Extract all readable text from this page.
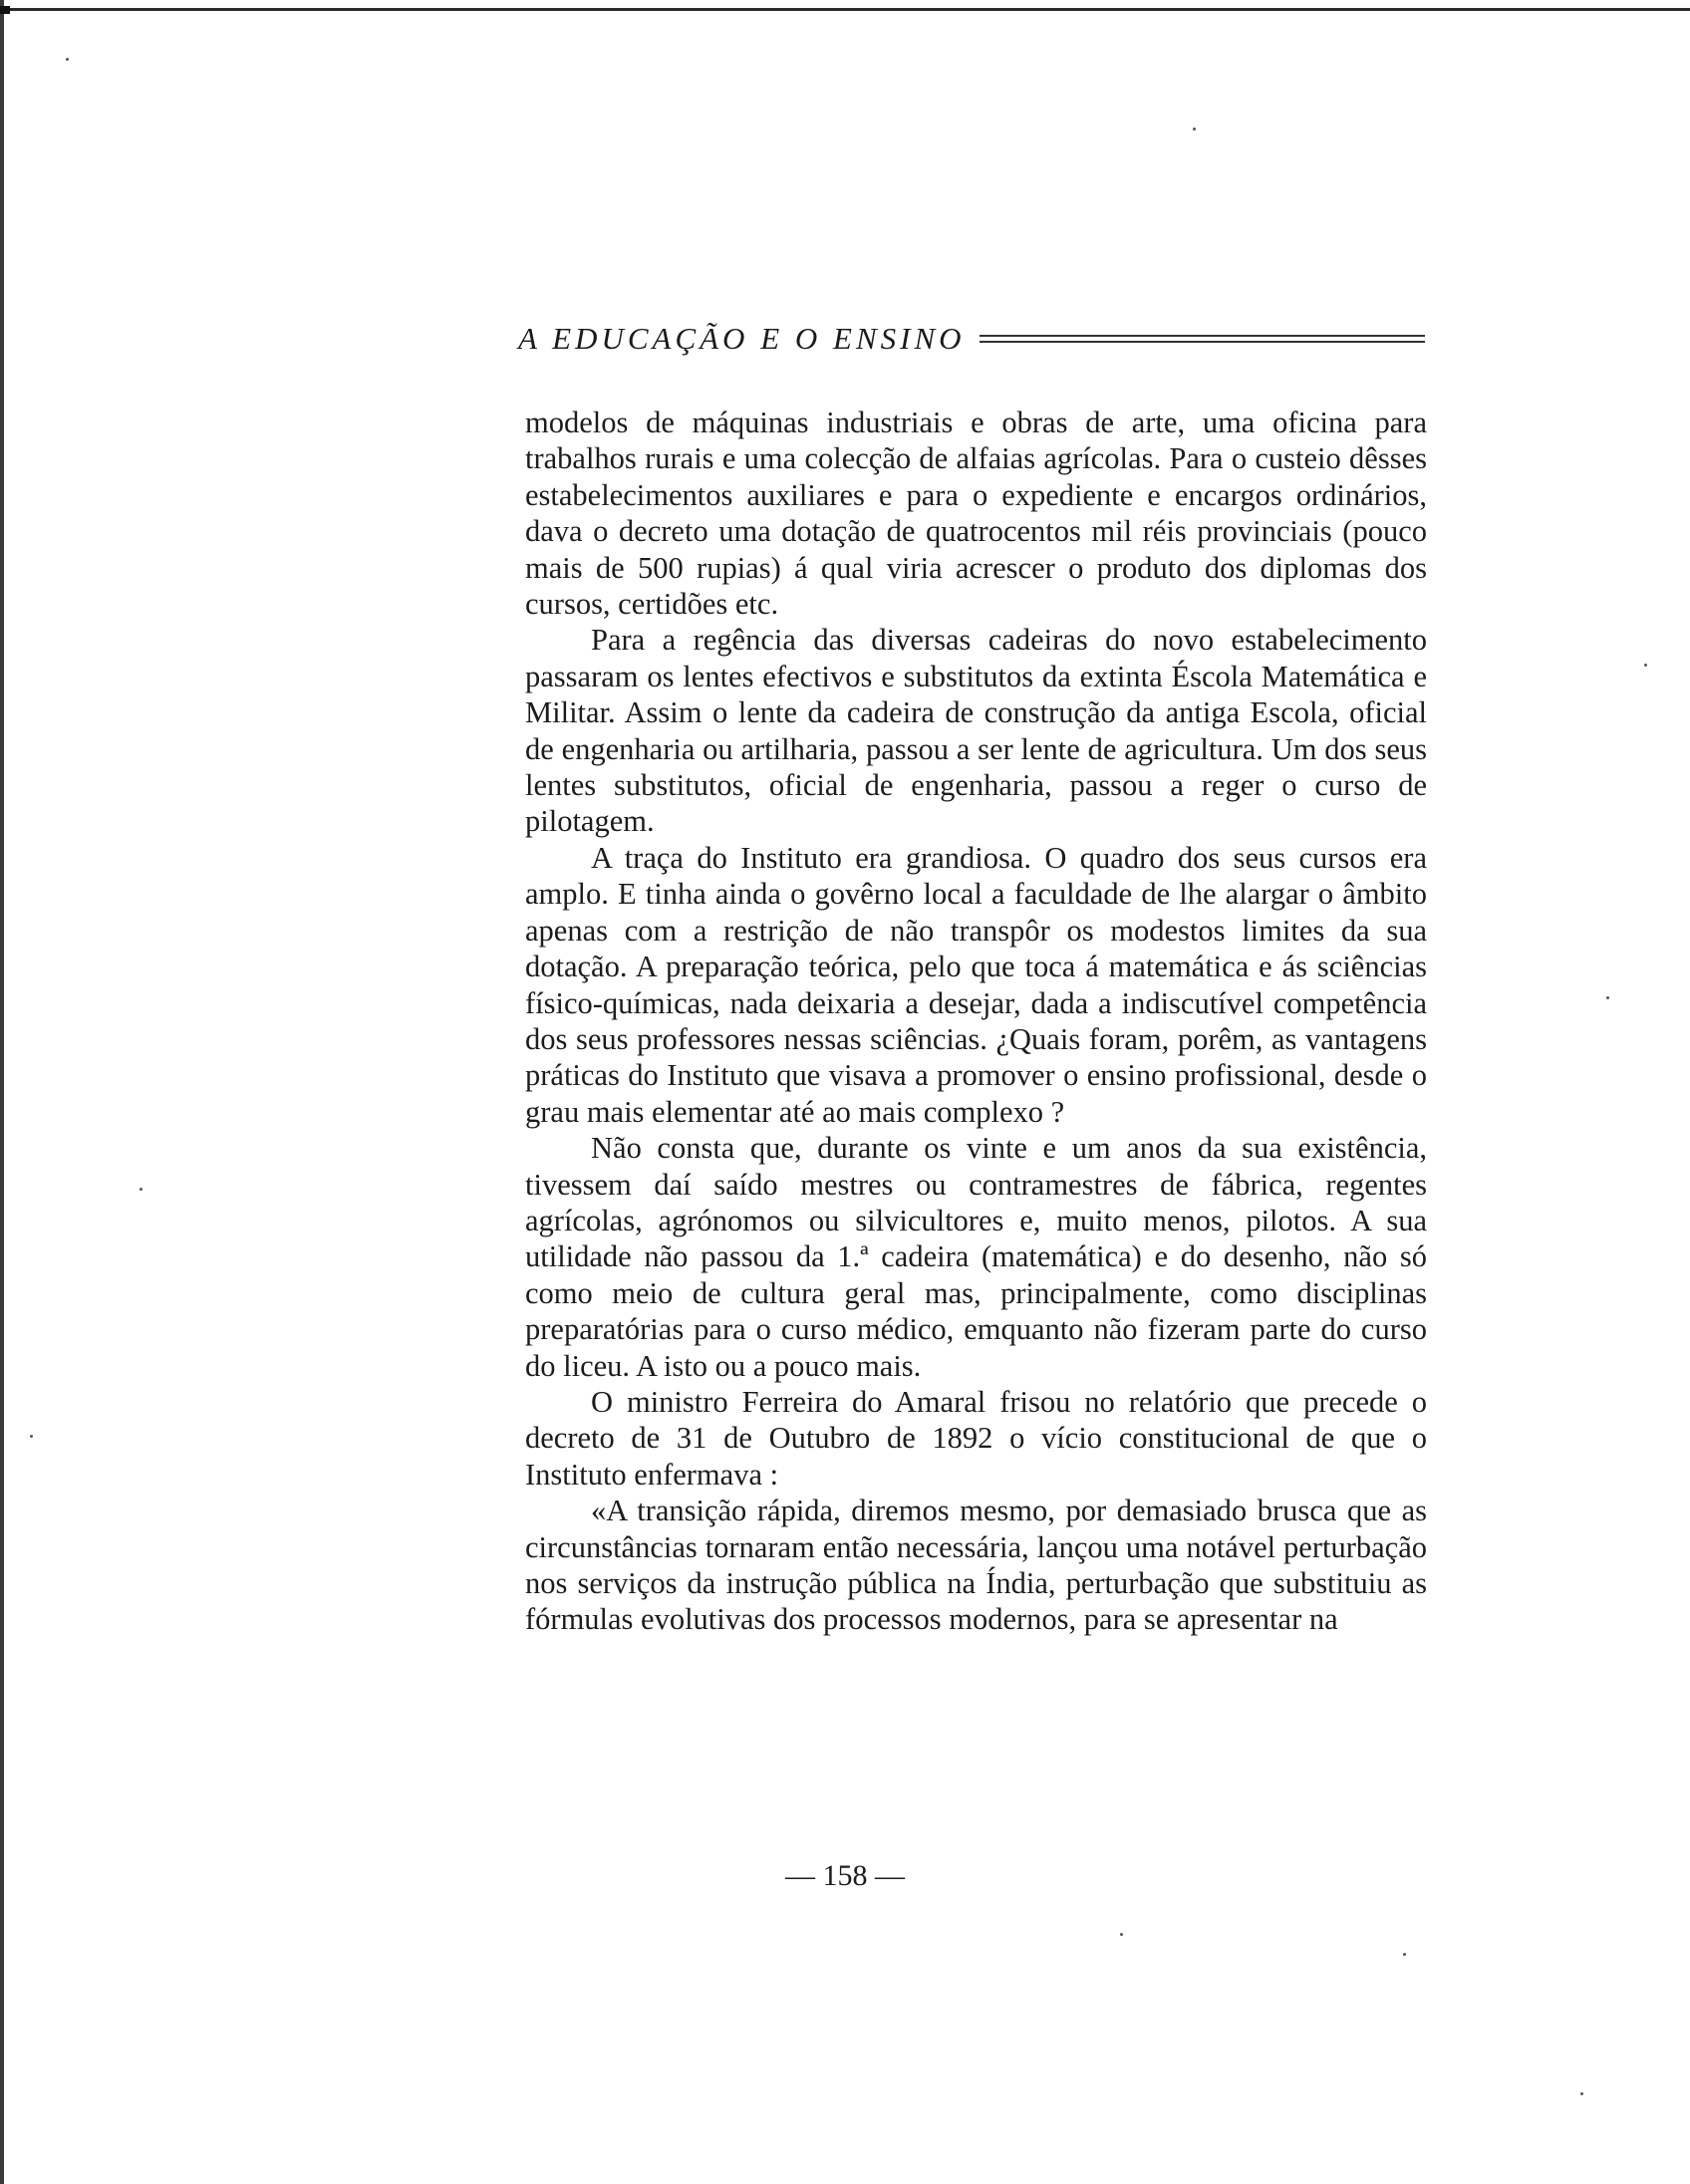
A EDUCAÇÃO E O ENSINO

modelos de máquinas industriais e obras de arte, uma oficina para trabalhos rurais e uma colecção de alfaias agrícolas. Para o custeio dêsses estabelecimentos auxiliares e para o expediente e encargos ordinários, dava o decreto uma dotação de quatrocentos mil réis provinciais (pouco mais de 500 rupias) á qual viria acrescer o produto dos diplomas dos cursos, certidões etc.

Para a regência das diversas cadeiras do novo estabelecimento passaram os lentes efectivos e substitutos da extinta Éscola Matemática e Militar. Assim o lente da cadeira de construção da antiga Escola, oficial de engenharia ou artilharia, passou a ser lente de agricultura. Um dos seus lentes substitutos, oficial de engenharia, passou a reger o curso de pilotagem.

A traça do Instituto era grandiosa. O quadro dos seus cursos era amplo. E tinha ainda o govêrno local a faculdade de lhe alargar o âmbito apenas com a restrição de não transpôr os modestos limites da sua dotação. A preparação teórica, pelo que toca á matemática e ás sciências físico-químicas, nada deixaria a desejar, dada a indiscutível competência dos seus professores nessas sciências. ¿Quais foram, porêm, as vantagens práticas do Instituto que visava a promover o ensino profissional, desde o grau mais elementar até ao mais complexo ?

Não consta que, durante os vinte e um anos da sua existência, tivessem daí saído mestres ou contramestres de fábrica, regentes agrícolas, agrónomos ou silvicultores e, muito menos, pilotos. A sua utilidade não passou da 1.ª cadeira (matemática) e do desenho, não só como meio de cultura geral mas, principalmente, como disciplinas preparatórias para o curso médico, emquanto não fizeram parte do curso do liceu. A isto ou a pouco mais.

O ministro Ferreira do Amaral frisou no relatório que precede o decreto de 31 de Outubro de 1892 o vício constitucional de que o Instituto enfermava :

«A transição rápida, diremos mesmo, por demasiado brusca que as circunstâncias tornaram então necessária, lançou uma notável perturbação nos serviços da instrução pública na Índia, perturbação que substituiu as fórmulas evolutivas dos processos modernos, para se apresentar na

— 158 —
